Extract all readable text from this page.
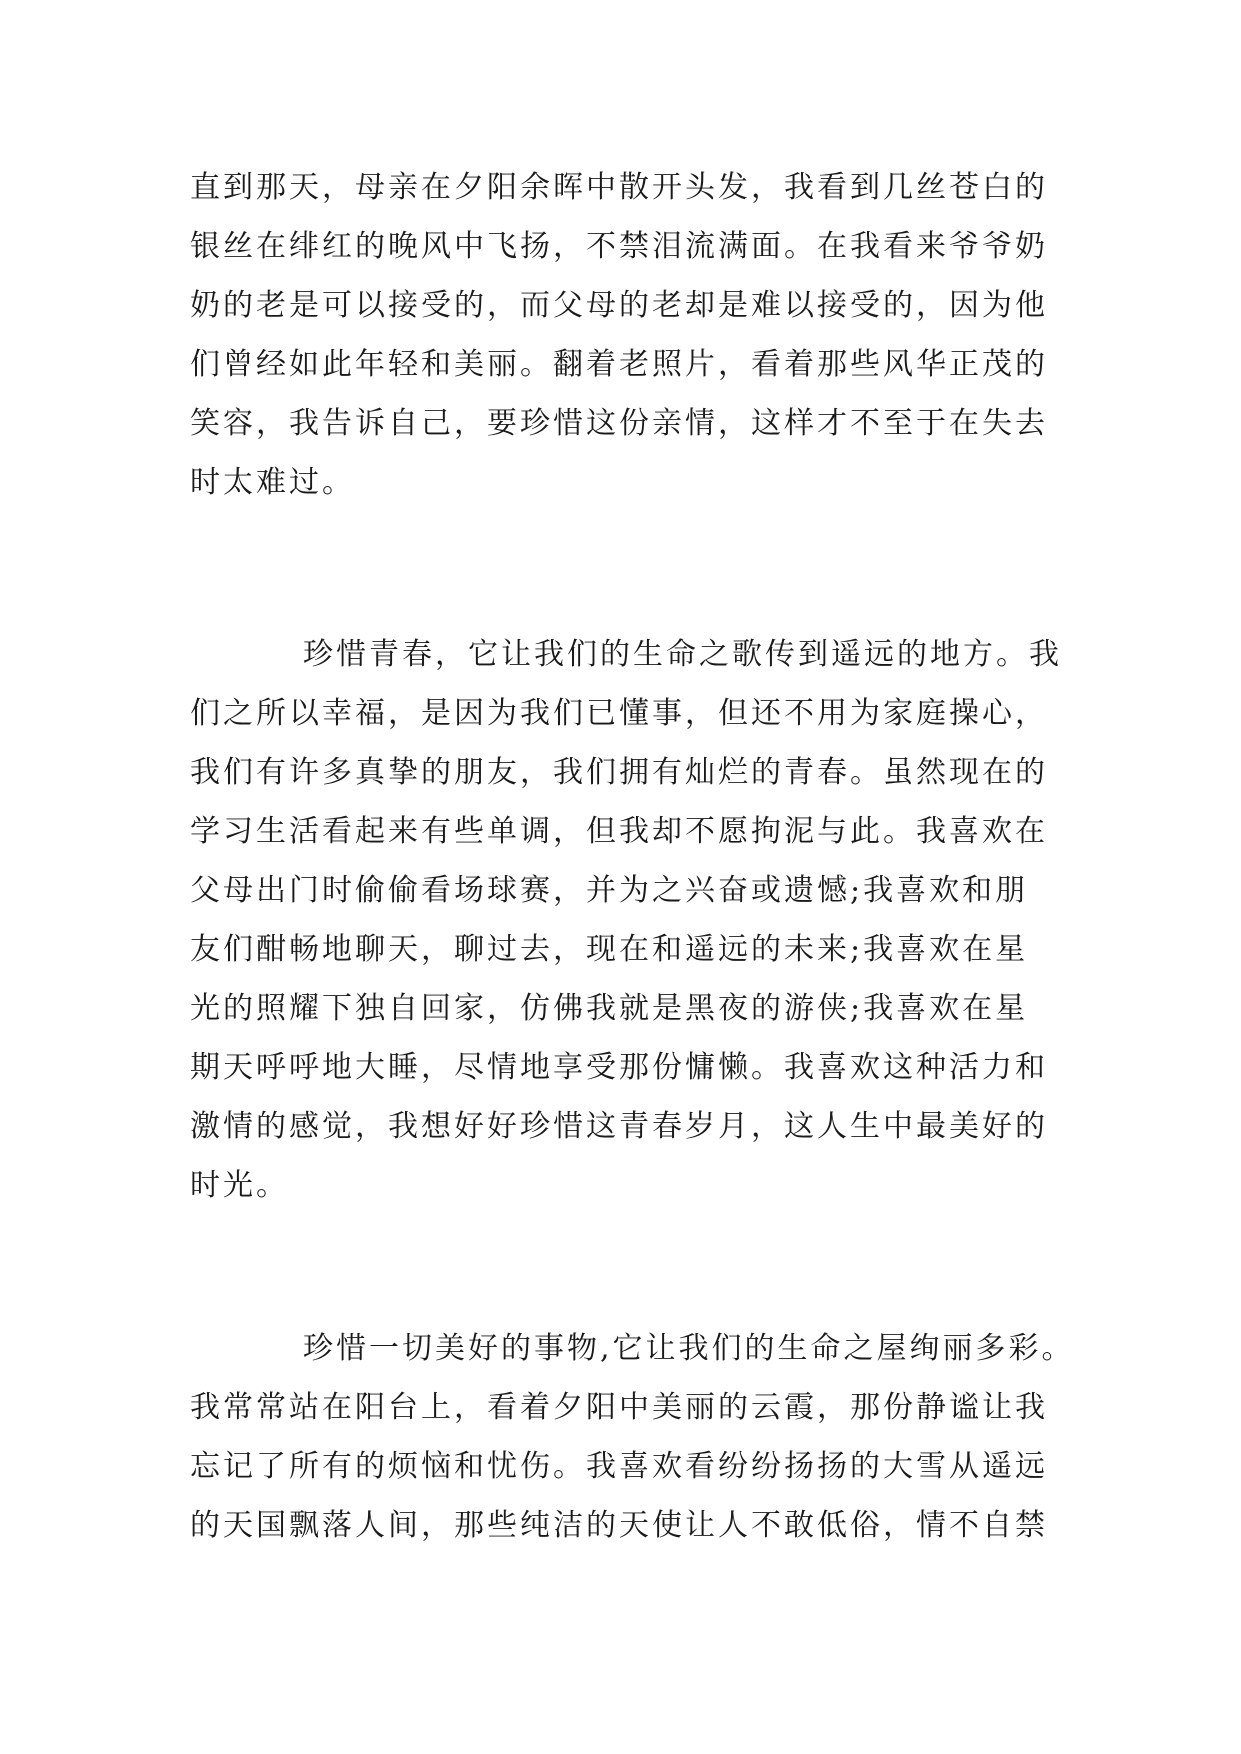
直到那天，母亲在夕阳余晖中散开头发，我看到几丝苍白的
银丝在绯红的晚风中飞扬，不禁泪流满面。在我看来爷爷奶
奶的老是可以接受的，而父母的老却是难以接受的，因为他
们曾经如此年轻和美丽。翻着老照片，看着那些风华正茂的
笑容，我告诉自己，要珍惜这份亲情，这样才不至于在失去
时太难过。
珍惜青春，它让我们的生命之歌传到遥远的地方。我
们之所以幸福，是因为我们已懂事，但还不用为家庭操心，
我们有许多真挚的朋友，我们拥有灿烂的青春。虽然现在的
学习生活看起来有些单调，但我却不愿拘泥与此。我喜欢在
父母出门时偷偷看场球赛，并为之兴奋或遗憾;我喜欢和朋
友们酣畅地聊天，聊过去，现在和遥远的未来;我喜欢在星
光的照耀下独自回家，仿佛我就是黑夜的游侠;我喜欢在星
期天呼呼地大睡，尽情地享受那份慵懒。我喜欢这种活力和
激情的感觉，我想好好珍惜这青春岁月，这人生中最美好的
时光。
珍惜一切美好的事物,它让我们的生命之屋绚丽多彩。
我常常站在阳台上，看着夕阳中美丽的云霞，那份静谧让我
忘记了所有的烦恼和忧伤。我喜欢看纷纷扬扬的大雪从遥远
的天国飘落人间，那些纯洁的天使让人不敢低俗，情不自禁
